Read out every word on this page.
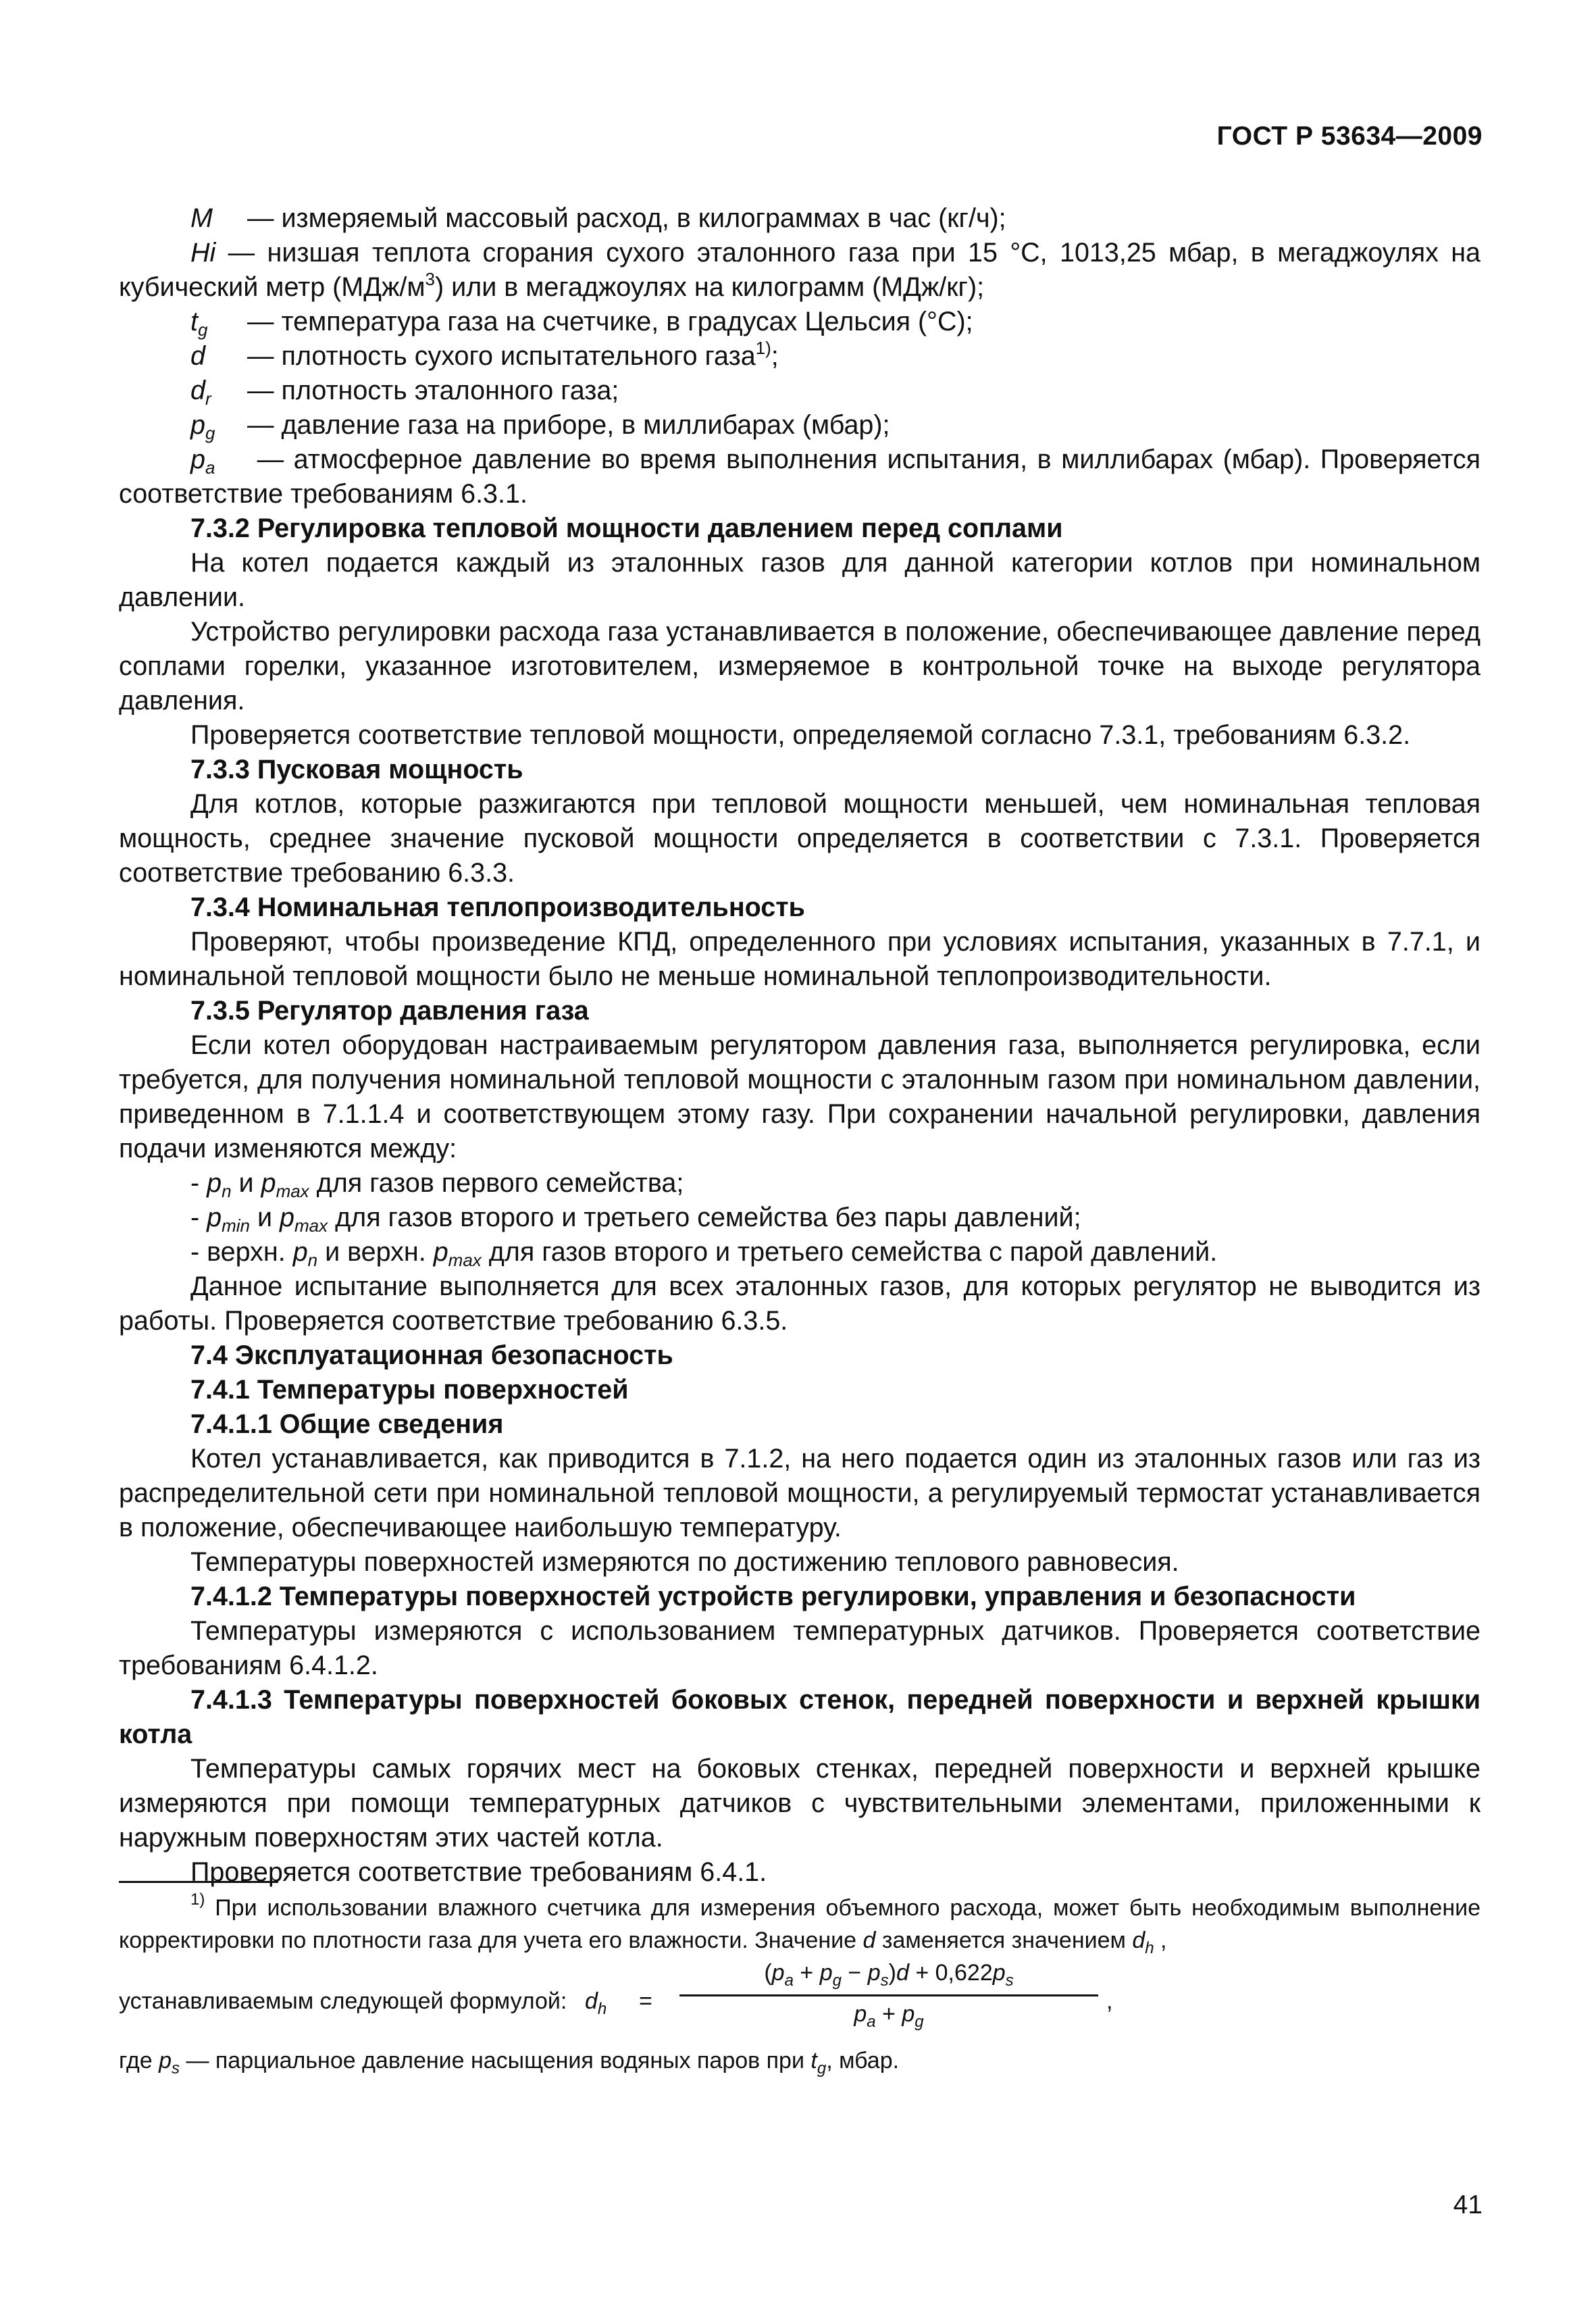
ГОСТ Р 53634—2009

M — измеряемый массовый расход, в килограммах в час (кг/ч);

Hi — низшая теплота сгорания сухого эталонного газа при 15 °С, 1013,25 мбар, в мегаджоулях на кубический метр $(МДж/м^3)$ или в мегаджоулях на килограмм (МДж/кг);

$t_g$ — температура газа на счетчике, в градусах Цельсия (°С);

d — плотность сухого испытательного газа$^{1)}$;

$d_r$ — плотность эталонного газа;

$p_g$ — давление газа на приборе, в миллибарах (мбар);

$p_a$ — атмосферное давление во время выполнения испытания, в миллибарах (мбар). Проверяется соответствие требованиям 6.3.1.

7.3.2 Регулировка тепловой мощности давлением перед соплами

На котел подается каждый из эталонных газов для данной категории котлов при номинальном давлении.

Устройство регулировки расхода газа устанавливается в положение, обеспечивающее давление перед соплами горелки, указанное изготовителем, измеряемое в контрольной точке на выходе регулятора давления.

Проверяется соответствие тепловой мощности, определяемой согласно 7.3.1, требованиям 6.3.2.

7.3.3 Пусковая мощность

Для котлов, которые разжигаются при тепловой мощности меньшей, чем номинальная тепловая мощность, среднее значение пусковой мощности определяется в соответствии с 7.3.1. Проверяется соответствие требованию 6.3.3.

7.3.4 Номинальная теплопроизводительность

Проверяют, чтобы произведение КПД, определенного при условиях испытания, указанных в 7.7.1, и номинальной тепловой мощности было не меньше номинальной теплопроизводительности.

7.3.5 Регулятор давления газа

Если котел оборудован настраиваемым регулятором давления газа, выполняется регулировка, если требуется, для получения номинальной тепловой мощности с эталонным газом при номинальном давлении, приведенном в 7.1.1.4 и соответствующем этому газу. При сохранении начальной регулировки, давления подачи изменяются между:

- $p_n$ и $p_{max}$ для газов первого семейства;

- $p_{min}$ и $p_{max}$ для газов второго и третьего семейства без пары давлений;

- верхн. $p_n$ и верхн. $p_{max}$ для газов второго и третьего семейства с парой давлений.

Данное испытание выполняется для всех эталонных газов, для которых регулятор не выводится из работы. Проверяется соответствие требованию 6.3.5.

7.4 Эксплуатационная безопасность

7.4.1 Температуры поверхностей

7.4.1.1 Общие сведения

Котел устанавливается, как приводится в 7.1.2, на него подается один из эталонных газов или газ из распределительной сети при номинальной тепловой мощности, а регулируемый термостат устанавливается в положение, обеспечивающее наибольшую температуру.

Температуры поверхностей измеряются по достижению теплового равновесия.

7.4.1.2 Температуры поверхностей устройств регулировки, управления и безопасности

Температуры измеряются с использованием температурных датчиков. Проверяется соответствие требованиям 6.4.1.2.

7.4.1.3 Температуры поверхностей боковых стенок, передней поверхности и верхней крышки котла

Температуры самых горячих мест на боковых стенках, передней поверхности и верхней крышке измеряются при помощи температурных датчиков с чувствительными элементами, приложенными к наружным поверхностям этих частей котла.

Проверяется соответствие требованиям 6.4.1.

$^{1)}$ При использовании влажного счетчика для измерения объемного расхода, может быть необходимым выполнение корректировки по плотности газа для учета его влажности. Значение d заменяется значением $d_h$ ,

устанавливаемым следующей формулой: $d_h$ =
$(p_a + p_g - p_s)d + 0,622p_s$
$p_a + p_g$
,

где $p_s$ — парциальное давление насыщения водяных паров при $t_g$, мбар.

41
